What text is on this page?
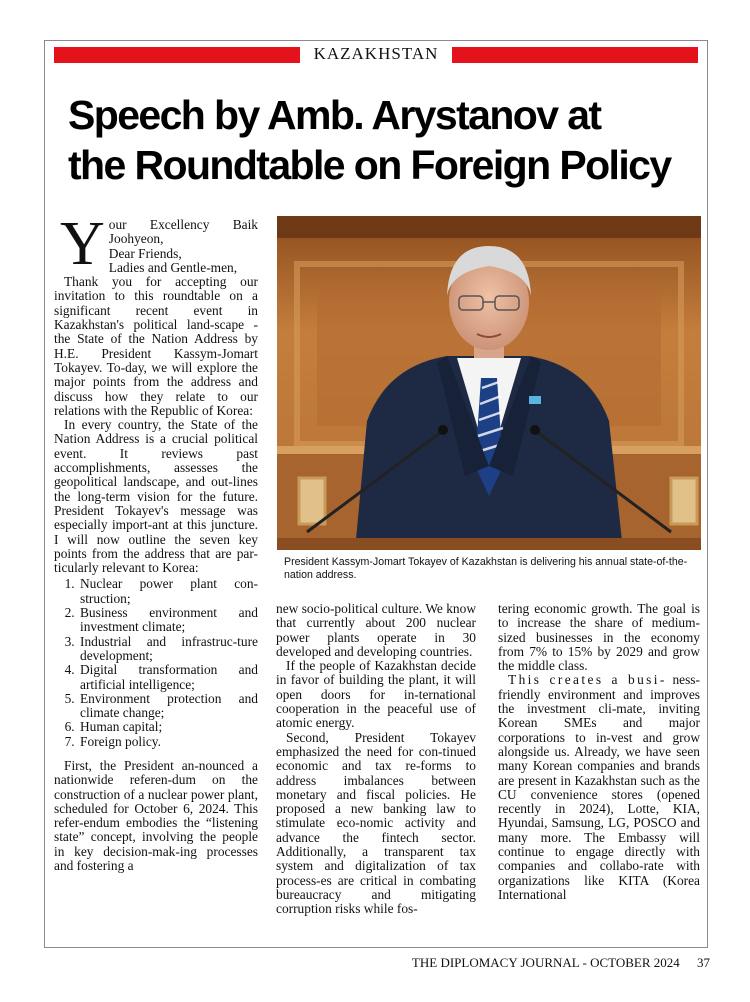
KAZAKHSTAN
Speech by Amb. Arystanov at
the Roundtable on Foreign Policy

Y our Excellency Baik Joohyeon,
Dear Friends,
Ladies and Gentle-men,

Thank you for accepting our invitation to this roundtable on a significant recent event in Kazakhstan's political land-scape - the State of the Nation Address by H.E. President Kassym-Jomart Tokayev. To-day, we will explore the major points from the address and discuss how they relate to our relations with the Republic of Korea:

In every country, the State of the Nation Address is a crucial political event. It reviews past accomplishments, assesses the geopolitical landscape, and out-lines the long-term vision for the future. President Tokayev's message was especially import-ant at this juncture. I will now outline the seven key points from the address that are par-ticularly relevant to Korea:

1. Nuclear power plant con-struction;
2. Business environment and investment climate;
3. Industrial and infrastruc-ture development;
4. Digital transformation and artificial intelligence;
5. Environment protection and climate change;
6. Human capital;
7. Foreign policy.

First, the President an-nounced a nationwide referen-dum on the construction of a nuclear power plant, scheduled for October 6, 2024. This refer-endum embodies the “listening state” concept, involving the people in key decision-mak-ing processes and fostering a

President Kassym-Jomart Tokayev of Kazakhstan is delivering his annual state-of-the-nation address.

new socio-political culture. We know that currently about 200 nuclear power plants operate in 30 developed and developing countries.

If the people of Kazakhstan decide in favor of building the plant, it will open doors for in-ternational cooperation in the peaceful use of atomic energy.

Second, President Tokayev emphasized the need for con-tinued economic and tax re-forms to address imbalances between monetary and fiscal policies. He proposed a new banking law to stimulate eco-nomic activity and advance the fintech sector. Additionally, a transparent tax system and digitalization of tax process-es are critical in combating bureaucracy and mitigating corruption risks while fos-

tering economic growth. The goal is to increase the share of medium-sized businesses in the economy from 7% to 15% by 2029 and grow the middle class.

This creates a busi- ness-friendly environment and improves the investment cli-mate, inviting Korean SMEs and major corporations to in-vest and grow alongside us. Already, we have seen many Korean companies and brands are present in Kazakhstan such as the CU convenience stores (opened recently in 2024), Lotte, KIA, Hyundai, Samsung, LG, POSCO and many more. The Embassy will continue to engage directly with companies and collabo-rate with organizations like KITA (Korea International

THE DIPLOMACY JOURNAL - OCTOBER 2024 37
